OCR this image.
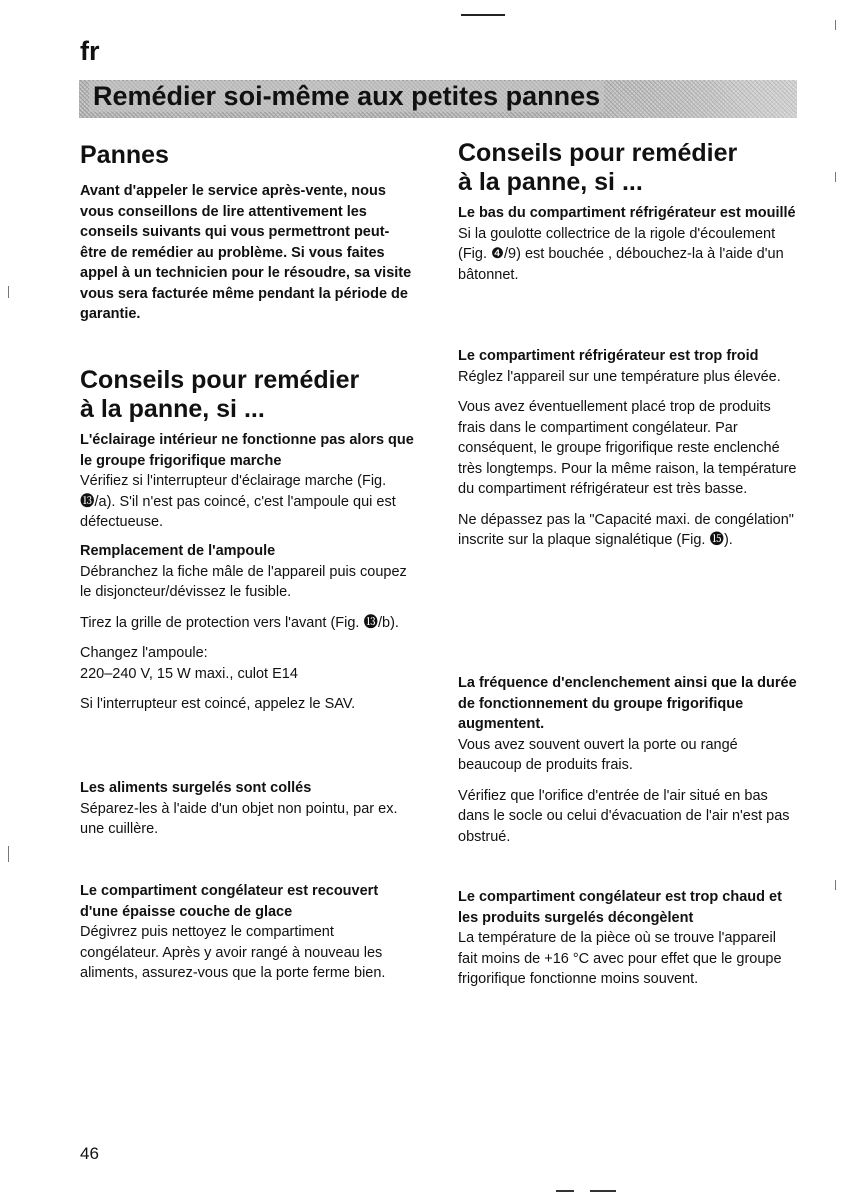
fr
Remédier soi-même aux petites pannes
Pannes

Avant d'appeler le service après-vente, nous vous conseillons de lire attentivement les conseils suivants qui vous permettront peut-être de remédier au problème. Si vous faites appel à un technicien pour le résoudre, sa visite vous sera facturée même pendant la période de garantie.

Conseils pour remédier
à la panne, si ...

L'éclairage intérieur ne fonctionne pas alors que le groupe frigorifique marche

Vérifiez si l'interrupteur d'éclairage marche (Fig. ⓭/a). S'il n'est pas coincé, c'est l'ampoule qui est défectueuse.

Remplacement de l'ampoule

Débranchez la fiche mâle de l'appareil puis coupez le disjoncteur/dévissez le fusible.

Tirez la grille de protection vers l'avant (Fig. ⓭/b).

Changez l'ampoule:
220–240 V, 15 W maxi., culot E14

Si l'interrupteur est coincé, appelez le SAV.

Les aliments surgelés sont collés

Séparez-les à l'aide d'un objet non pointu, par ex. une cuillère.

Le compartiment congélateur est recouvert d'une épaisse couche de glace

Dégivrez puis nettoyez le compartiment congélateur. Après y avoir rangé à nouveau les aliments, assurez-vous que la porte ferme bien.

Conseils pour remédier
à la panne, si ...

Le bas du compartiment réfrigérateur est mouillé

Si la goulotte collectrice de la rigole d'écoulement (Fig. ❹/9) est bouchée , débouchez-la à l'aide d'un bâtonnet.

Le compartiment réfrigérateur est trop froid

Réglez l'appareil sur une température plus élevée.

Vous avez éventuellement placé trop de produits frais dans le compartiment congélateur. Par conséquent, le groupe frigorifique reste enclenché très longtemps. Pour la même raison, la température du compartiment réfrigérateur est très basse.

Ne dépassez pas la "Capacité maxi. de congélation" inscrite sur la plaque signalétique (Fig. ⓯).

La fréquence d'enclenchement ainsi que la durée de fonctionnement du groupe frigorifique augmentent.

Vous avez souvent ouvert la porte ou rangé beaucoup de produits frais.

Vérifiez que l'orifice d'entrée de l'air situé en bas dans le socle ou celui d'évacuation de l'air n'est pas obstrué.

Le compartiment congélateur est trop chaud et les produits surgelés décongèlent

La température de la pièce où se trouve l'appareil fait moins de +16 °C avec pour effet que le groupe frigorifique fonctionne moins souvent.

46
